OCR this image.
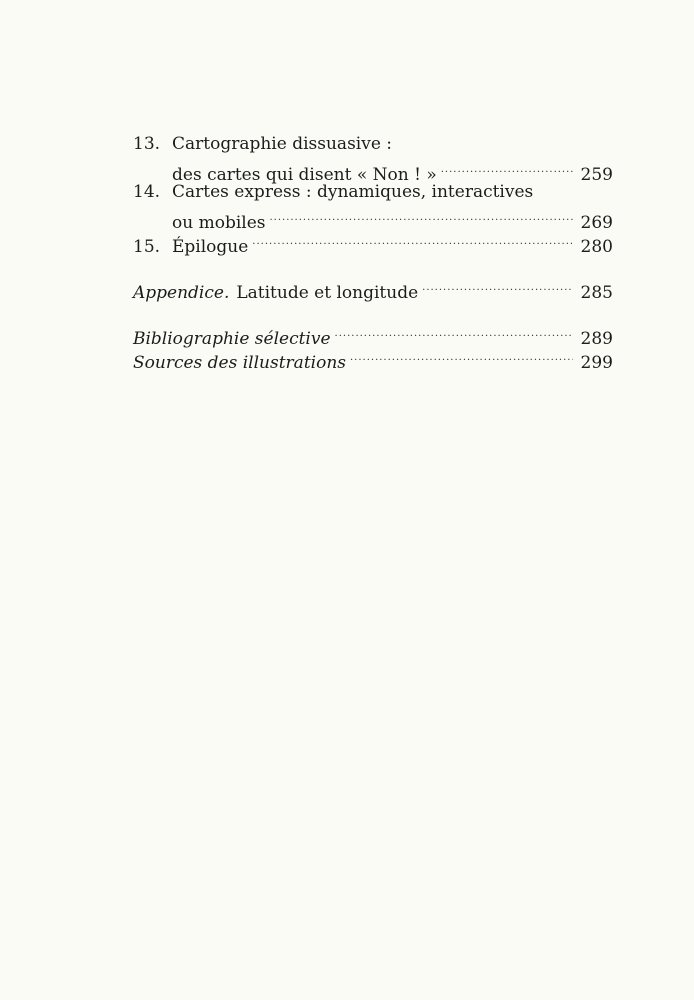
13. Cartographie dissuasive :
des cartes qui disent « Non ! » .....	259
14. Cartes express : dynamiques, interactives
ou mobiles .....	269
15. Épilogue .....	280
Appendice. Latitude et longitude .....	285
Bibliographie sélective .....	289
Sources des illustrations .....	299
